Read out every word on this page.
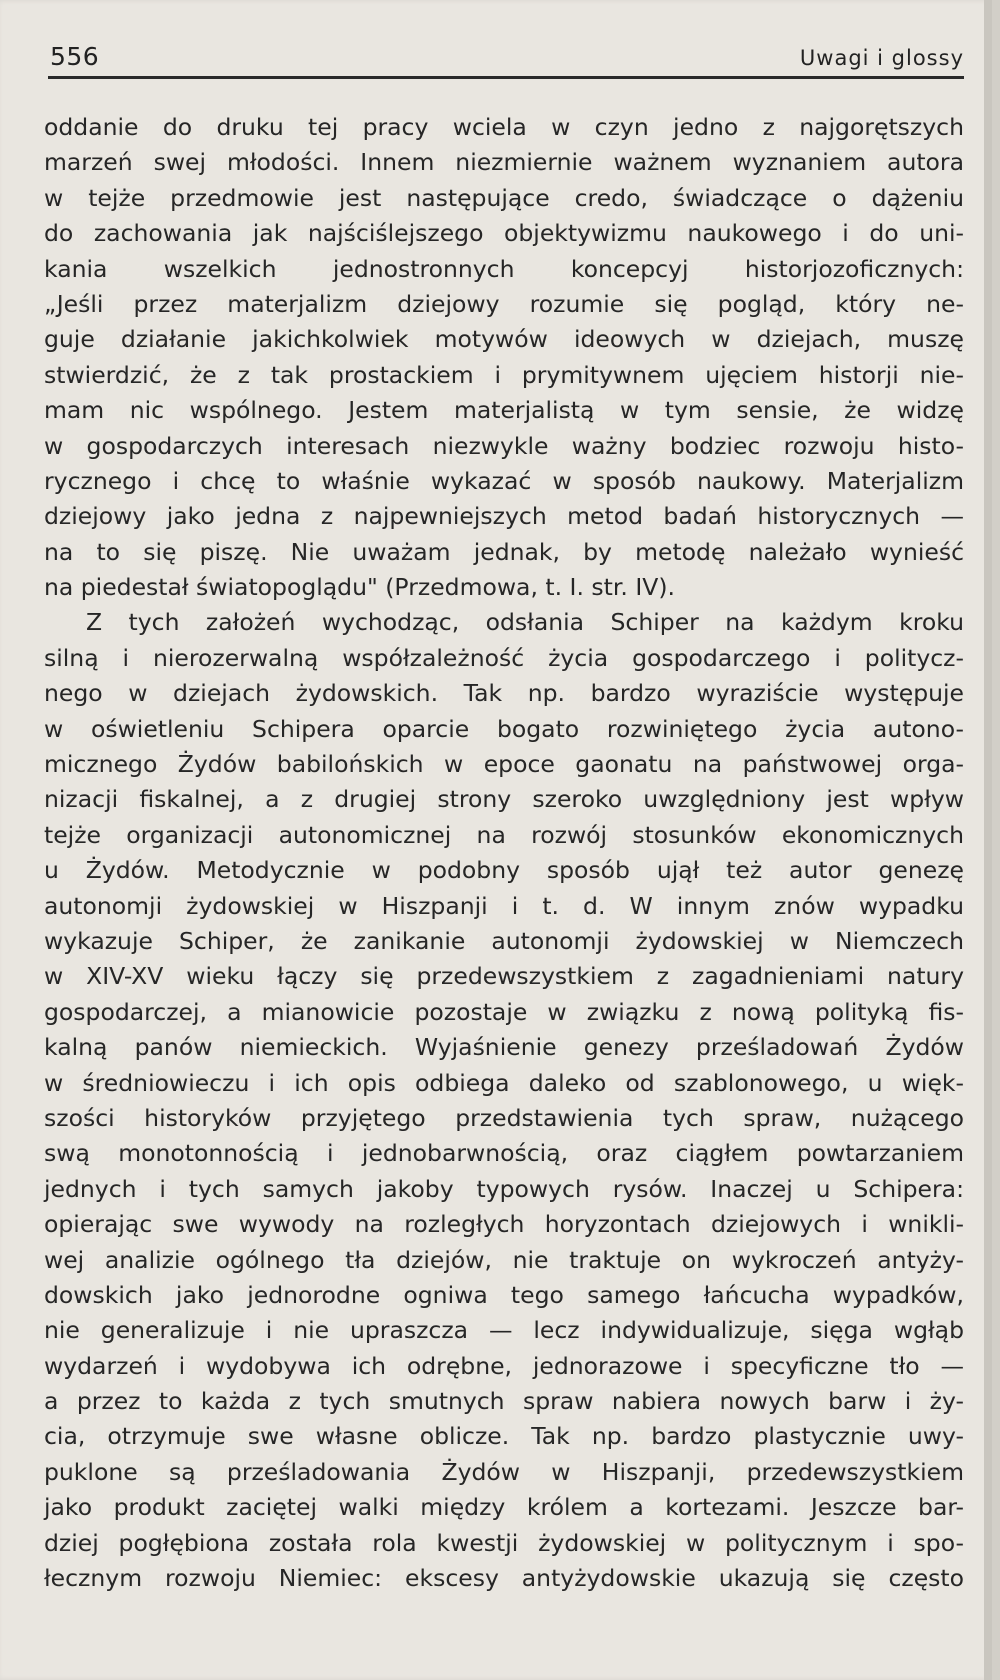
556	Uwagi i glossy
oddanie do druku tej pracy wciela w czyn jedno z najgorętszych
marzeń swej młodości. Innem niezmiernie ważnem wyznaniem autora
w tejże przedmowie jest następujące credo, świadczące o dążeniu
do zachowania jak najściślejszego objektywizmu naukowego i do uni-
kania wszelkich jednostronnych koncepcyj historjozoficznych:
„Jeśli przez materjalizm dziejowy rozumie się pogląd, który ne-
guje działanie jakichkolwiek motywów ideowych w dziejach, muszę
stwierdzić, że z tak prostackiem i prymitywnem ujęciem historji nie-
mam nic wspólnego. Jestem materjalistą w tym sensie, że widzę
w gospodarczych interesach niezwykle ważny bodziec rozwoju histo-
rycznego i chcę to właśnie wykazać w sposób naukowy. Materjalizm
dziejowy jako jedna z najpewniejszych metod badań historycznych —
na to się piszę. Nie uważam jednak, by metodę należało wynieść
na piedestał światopoglądu" (Przedmowa, t. I. str. IV).
Z tych założeń wychodząc, odsłania Schiper na każdym kroku
silną i nierozerwalną współzależność życia gospodarczego i politycz-
nego w dziejach żydowskich. Tak np. bardzo wyraziście występuje
w oświetleniu Schipera oparcie bogato rozwiniętego życia autono-
micznego Żydów babilońskich w epoce gaonatu na państwowej orga-
nizacji fiskalnej, a z drugiej strony szeroko uwzględniony jest wpływ
tejże organizacji autonomicznej na rozwój stosunków ekonomicznych
u Żydów. Metodycznie w podobny sposób ujął też autor genezę
autonomji żydowskiej w Hiszpanji i t. d. W innym znów wypadku
wykazuje Schiper, że zanikanie autonomji żydowskiej w Niemczech
w XIV-XV wieku łączy się przedewszystkiem z zagadnieniami natury
gospodarczej, a mianowicie pozostaje w związku z nową polityką fis-
kalną panów niemieckich. Wyjaśnienie genezy prześladowań Żydów
w średniowieczu i ich opis odbiega daleko od szablonowego, u więk-
szości historyków przyjętego przedstawienia tych spraw, nużącego
swą monotonnością i jednobarwnością, oraz ciągłem powtarzaniem
jednych i tych samych jakoby typowych rysów. Inaczej u Schipera:
opierając swe wywody na rozległych horyzontach dziejowych i wnikli-
wej analizie ogólnego tła dziejów, nie traktuje on wykroczeń antyży-
dowskich jako jednorodne ogniwa tego samego łańcucha wypadków,
nie generalizuje i nie upraszcza — lecz indywidualizuje, sięga wgłąb
wydarzeń i wydobywa ich odrębne, jednorazowe i specyficzne tło —
a przez to każda z tych smutnych spraw nabiera nowych barw i ży-
cia, otrzymuje swe własne oblicze. Tak np. bardzo plastycznie uwy-
puklone są prześladowania Żydów w Hiszpanji, przedewszystkiem
jako produkt zaciętej walki między królem a kortezami. Jeszcze bar-
dziej pogłębiona została rola kwestji żydowskiej w politycznym i spo-
łecznym rozwoju Niemiec: ekscesy antyżydowskie ukazują się często
